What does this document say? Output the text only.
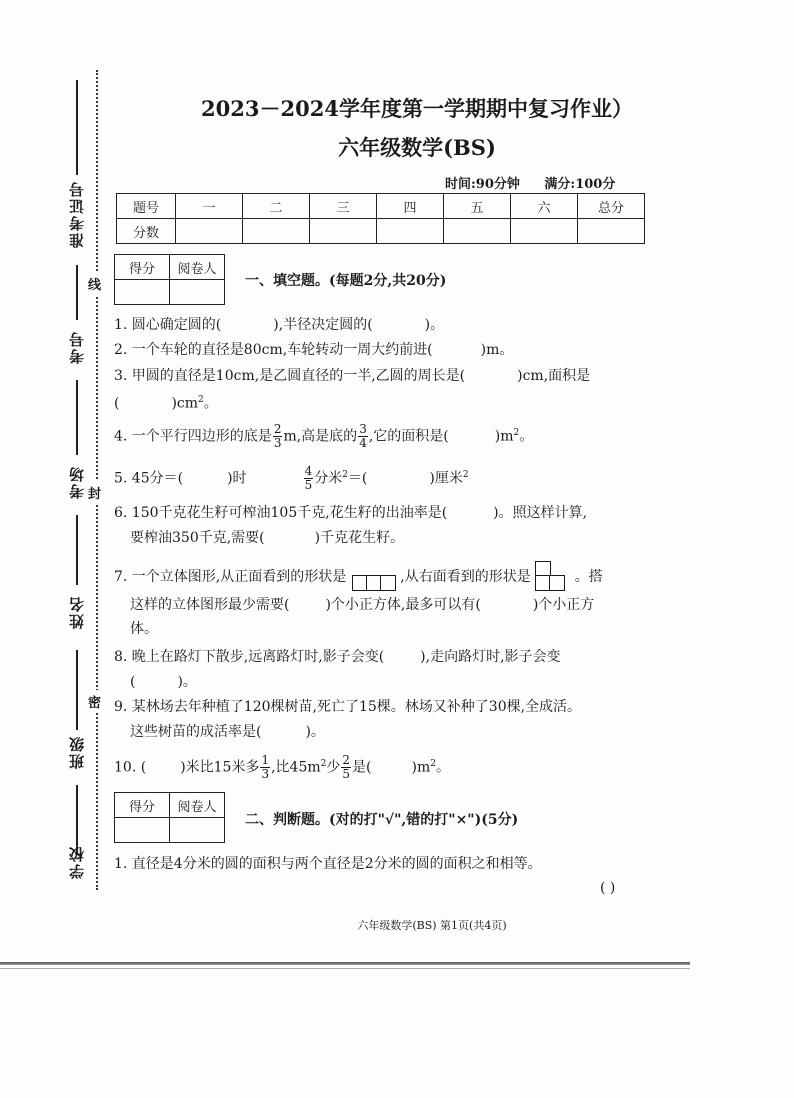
准考证号
考号
考场
姓名
班级
学校
线
封
密
2023－2024学年度第一学期期中复习作业）
六年级数学(BS)
时间:90分钟 满分:100分
题号	一	二	三	四	五	六	总分
分数							
得分	阅卷人

一、填空题。(每题2分,共20分)
1. 圆心确定圆的(	),半径决定圆的(	)。
2. 一个车轮的直径是80cm,车轮转动一周大约前进(	)m。
3. 甲圆的直径是10cm,是乙圆直径的一半,乙圆的周长是(	)cm,面积是
(	)$cm^2$。
4. 一个平行四边形的底是 $\frac{2}{3} m$,高是底的 $\frac{3}{4}$ ,它的面积是(	)$m^2$。
5. 45分＝(	)时	$\frac{4}{5}$ 分米$^2$＝(	)厘米$^2$
6. 150千克花生籽可榨油105千克,花生籽的出油率是(	)。照这样计算,
要榨油350千克,需要(	)千克花生籽。
7. 一个立体图形,从正面看到的形状是	,从右面看到的形状是	。搭
这样的立体图形最少需要(	)个小正方体,最多可以有(	)个小正方
体。
8. 晚上在路灯下散步,远离路灯时,影子会变(	),走向路灯时,影子会变
(	)。
9. 某林场去年种植了120棵树苗,死亡了15棵。林场又补种了30棵,全成活。
这些树苗的成活率是(	)。
10. ( )米比15米多 $\frac{1}{3}$ ,比$45m^2$少 $\frac{2}{5}$ 是(	)$m^2$。
得分	阅卷人

二、判断题。(对的打"√",错的打"×")(5分)
1. 直径是4分米的圆的面积与两个直径是2分米的圆的面积之和相等。
( )
六年级数学(BS) 第1页(共4页)
